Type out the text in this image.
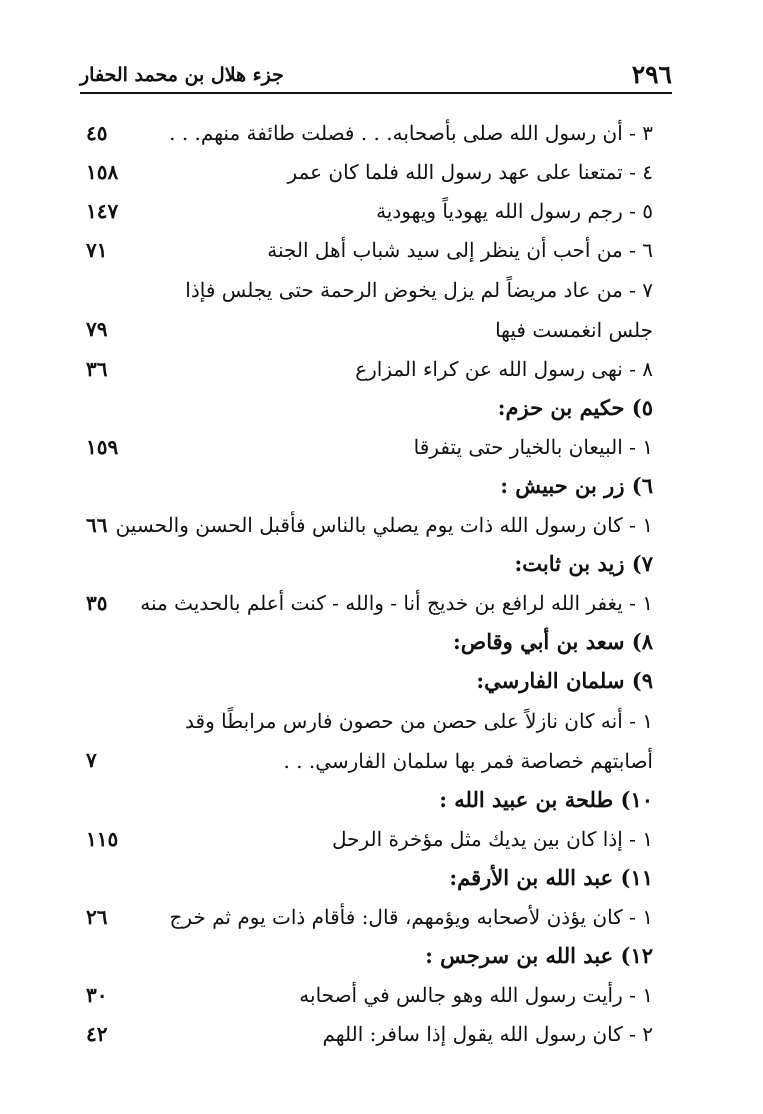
٢٩٦
جزء هلال بن محمد الحفار
٣ - أن رسول الله صلى بأصحابه. . . فصلت طائفة منهم. . .
٤٥
٤ - تمتعنا على عهد رسول الله فلما كان عمر
١٥٨
٥ - رجم رسول الله يهودياً ويهودية
١٤٧
٦ - من أحب أن ينظر إلى سيد شباب أهل الجنة
٧١
٧ - من عاد مريضاً لم يزل يخوض الرحمة حتى يجلس فإذا جلس انغمست فيها
٧٩
٨ - نهى رسول الله عن كراء المزارع
٣٦
٥) حكيم بن حزم:
١ - البيعان بالخيار حتى يتفرقا
١٥٩
٦) زر بن حبيش :
١ - كان رسول الله ذات يوم يصلي بالناس فأقبل الحسن والحسين
٦٦
٧) زيد بن ثابت:
١ - يغفر الله لرافع بن خديج أنا - والله - كنت أعلم بالحديث منه
٣٥
٨) سعد بن أبي وقاص:
٩) سلمان الفارسي:
١ - أنه كان نازلاً على حصن من حصون فارس مرابطًا وقد أصابتهم خصاصة فمر بها سلمان الفارسي. . .
٧
١٠) طلحة بن عبيد الله :
١ - إذا كان بين يديك مثل مؤخرة الرحل
١١٥
١١) عبد الله بن الأرقم:
١ - كان يؤذن لأصحابه ويؤمهم، قال: فأقام ذات يوم ثم خرج
٢٦
١٢) عبد الله بن سرجس :
١ - رأيت رسول الله وهو جالس في أصحابه
٣٠
٢ - كان رسول الله يقول إذا سافر: اللهم
٤٢
